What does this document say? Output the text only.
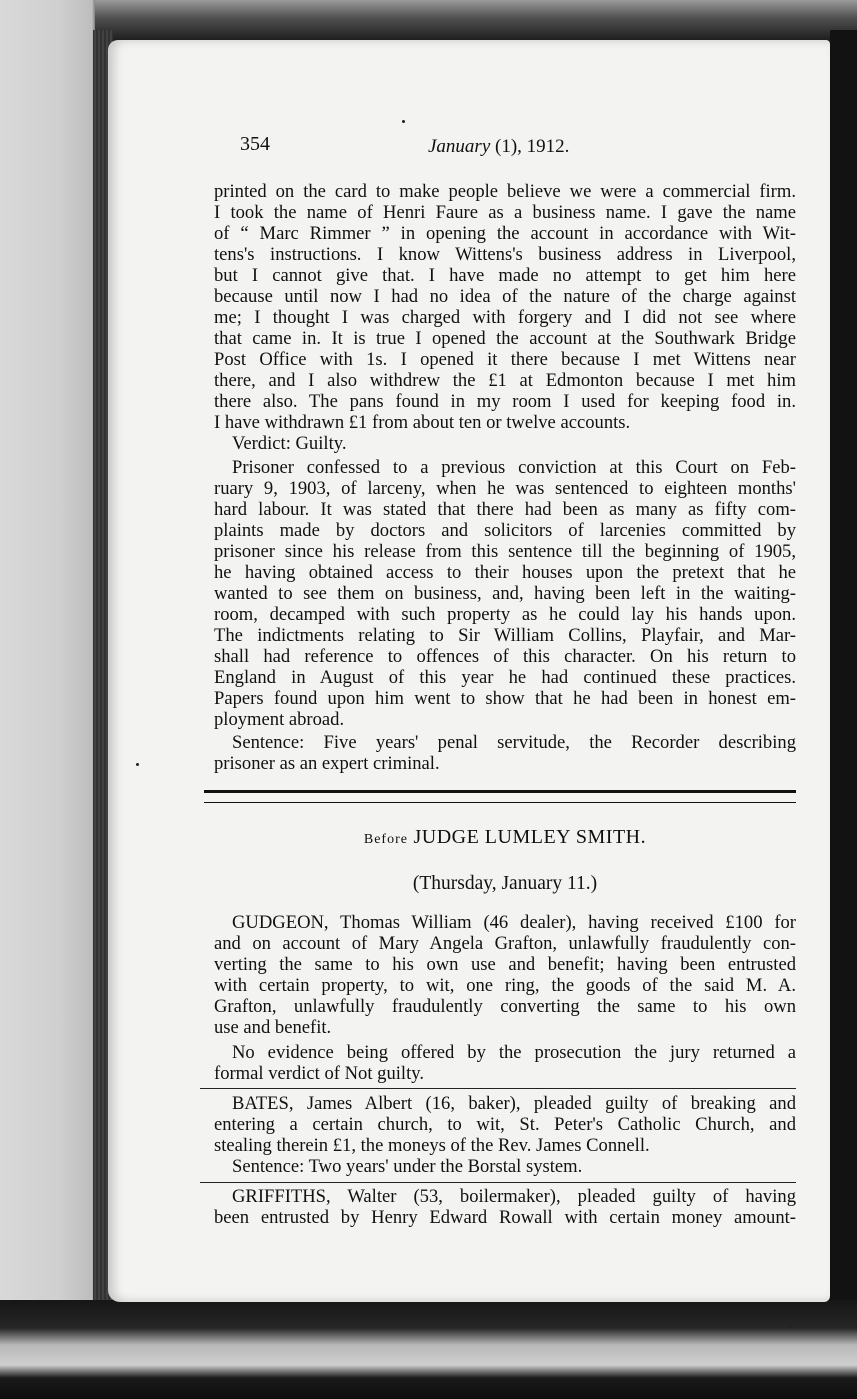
354	January (1), 1912.
printed on the card to make people believe we were a commercial firm.
I took the name of Henri Faure as a business name. I gave the name
of “ Marc Rimmer ” in opening the account in accordance with Wit-
tens's instructions. I know Wittens's business address in Liverpool,
but I cannot give that. I have made no attempt to get him here
because until now I had no idea of the nature of the charge against
me; I thought I was charged with forgery and I did not see where
that came in. It is true I opened the account at the Southwark Bridge
Post Office with 1s. I opened it there because I met Wittens near
there, and I also withdrew the £1 at Edmonton because I met him
there also. The pans found in my room I used for keeping food in.
I have withdrawn £1 from about ten or twelve accounts.
Verdict: Guilty.
Prisoner confessed to a previous conviction at this Court on Feb-
ruary 9, 1903, of larceny, when he was sentenced to eighteen months'
hard labour. It was stated that there had been as many as fifty com-
plaints made by doctors and solicitors of larcenies committed by
prisoner since his release from this sentence till the beginning of 1905,
he having obtained access to their houses upon the pretext that he
wanted to see them on business, and, having been left in the waiting-
room, decamped with such property as he could lay his hands upon.
The indictments relating to Sir William Collins, Playfair, and Mar-
shall had reference to offences of this character. On his return to
England in August of this year he had continued these practices.
Papers found upon him went to show that he had been in honest em-
ployment abroad.
Sentence: Five years' penal servitude, the Recorder describing
prisoner as an expert criminal.
Before JUDGE LUMLEY SMITH.
(Thursday, January 11.)
GUDGEON, Thomas William (46 dealer), having received £100 for
and on account of Mary Angela Grafton, unlawfully fraudulently con-
verting the same to his own use and benefit; having been entrusted
with certain property, to wit, one ring, the goods of the said M. A.
Grafton, unlawfully fraudulently converting the same to his own
use and benefit.
No evidence being offered by the prosecution the jury returned a
formal verdict of Not guilty.
BATES, James Albert (16, baker), pleaded guilty of breaking and
entering a certain church, to wit, St. Peter's Catholic Church, and
stealing therein £1, the moneys of the Rev. James Connell.
Sentence: Two years' under the Borstal system.
GRIFFITHS, Walter (53, boilermaker), pleaded guilty of having
been entrusted by Henry Edward Rowall with certain money amount-
